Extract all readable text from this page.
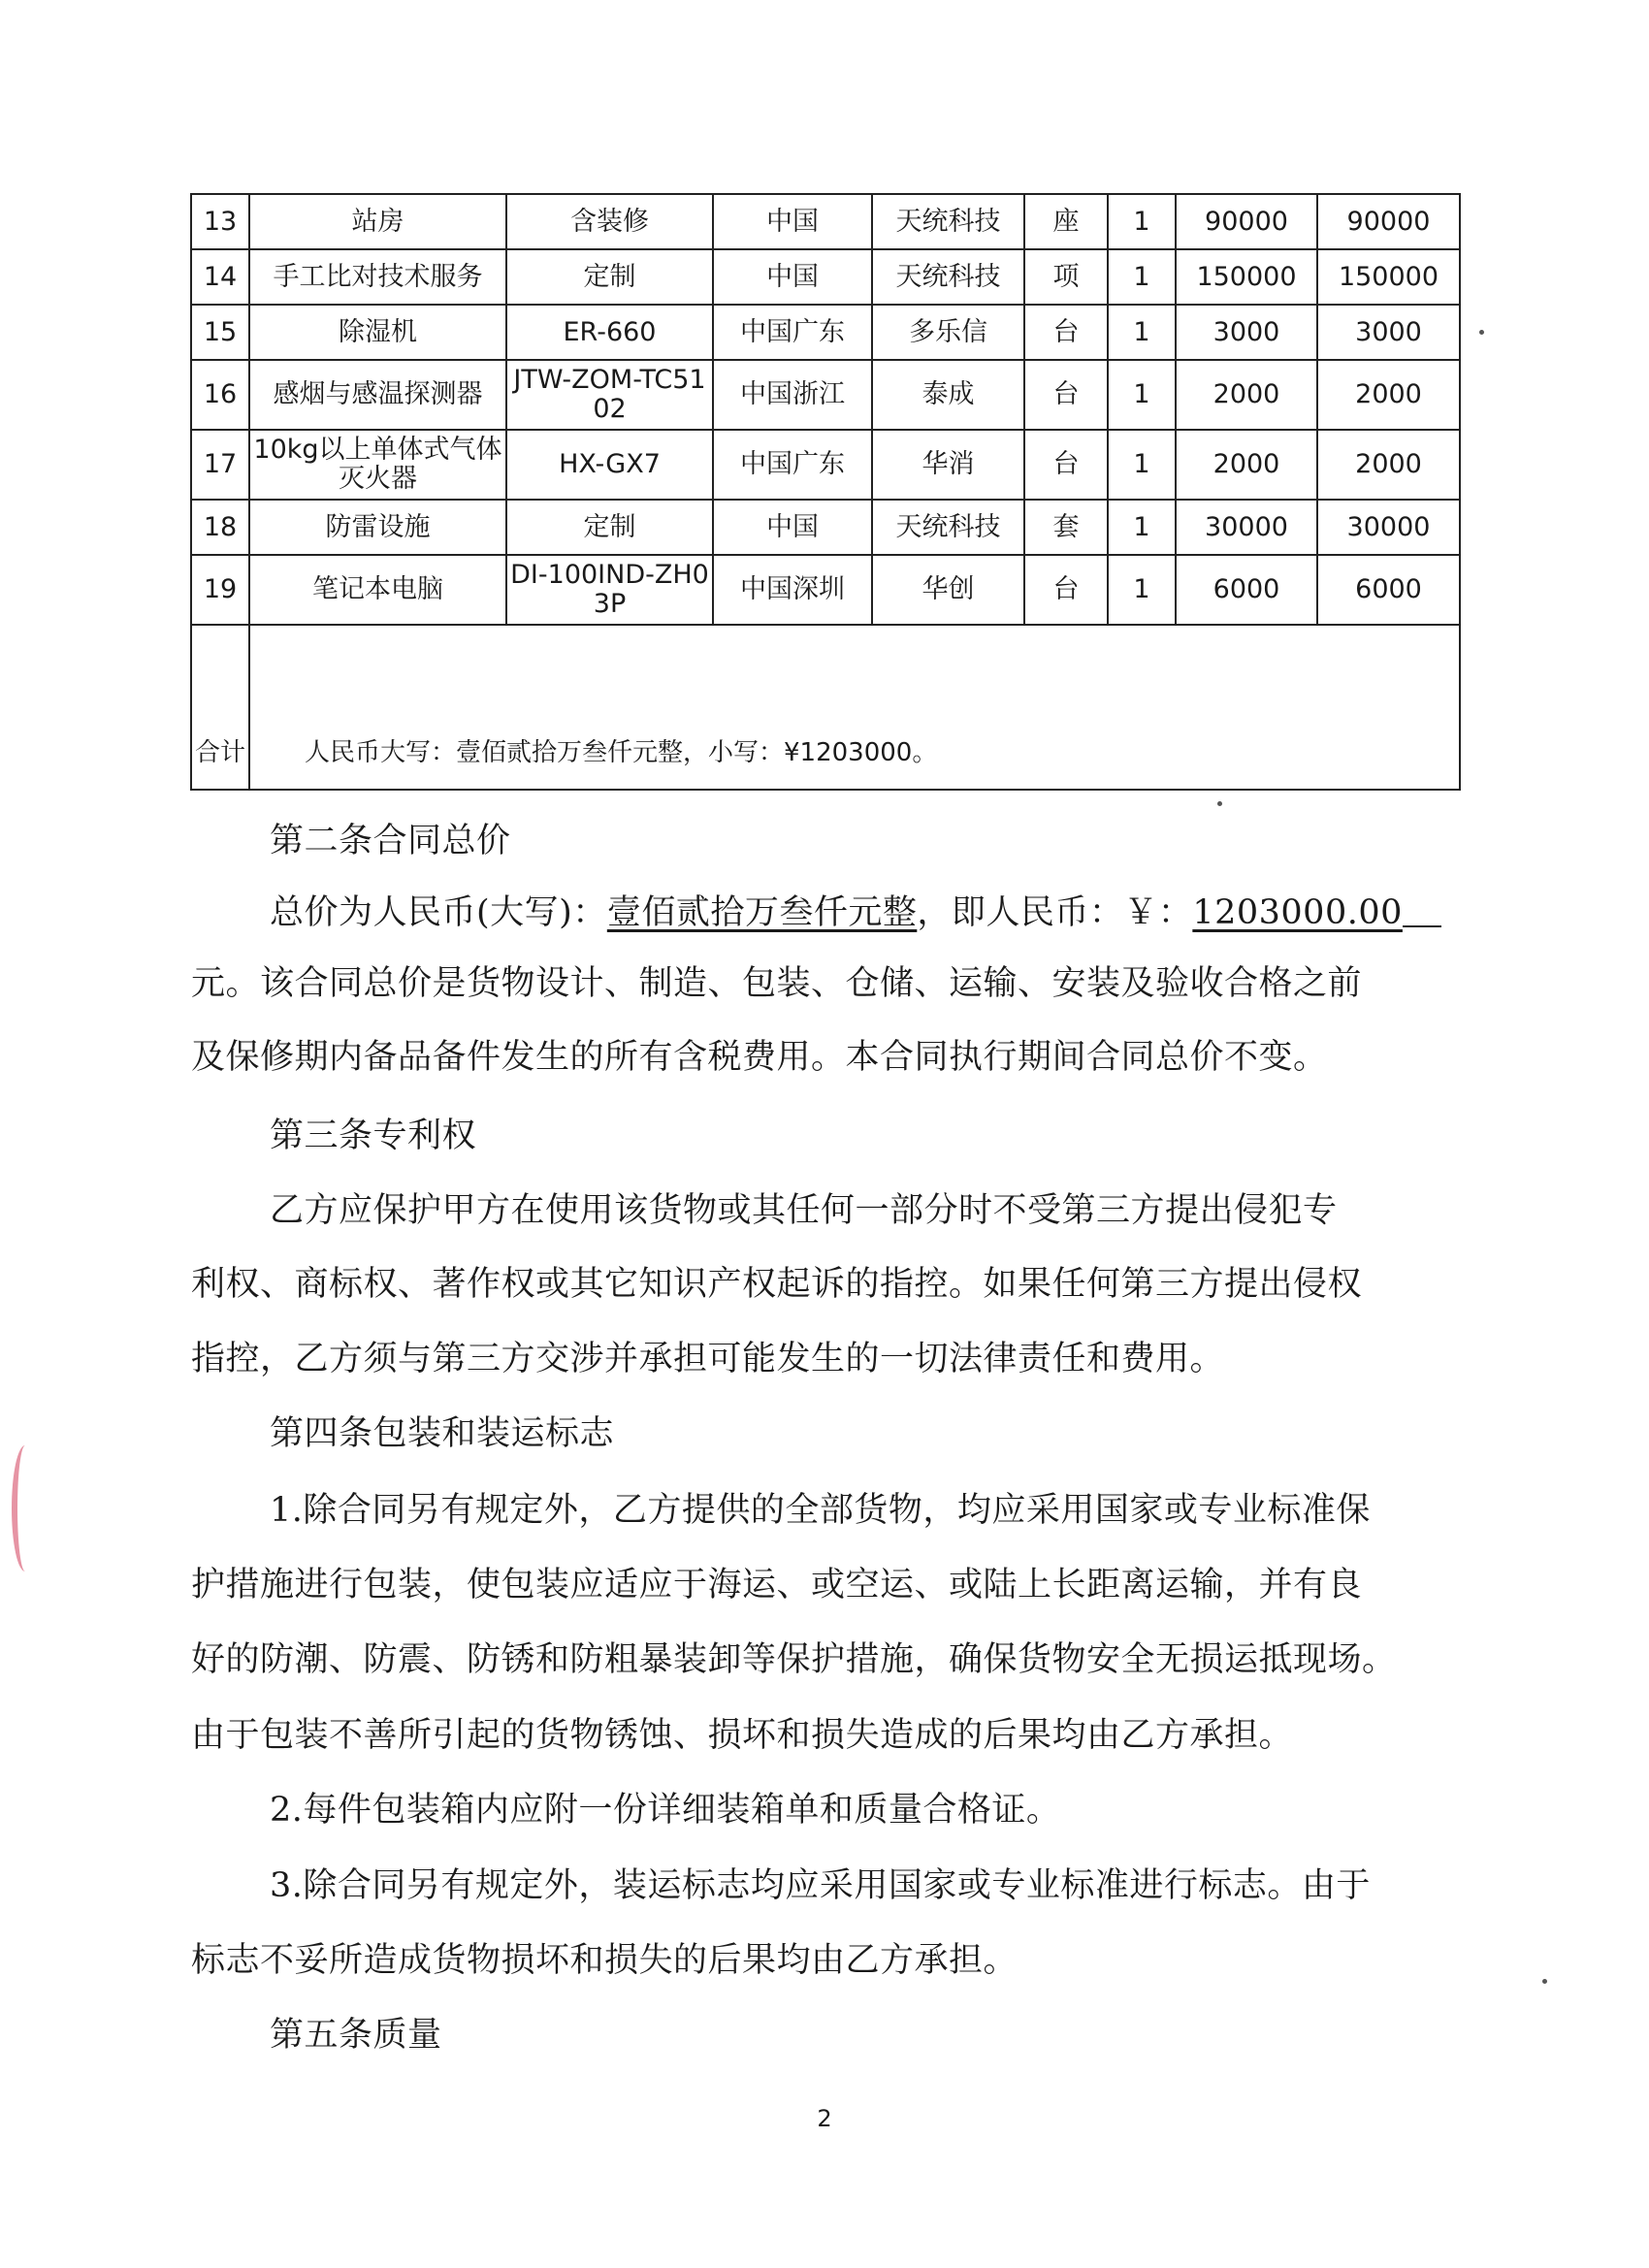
13	站房	含装修	中国	天统科技	座	1	90000	90000
14	手工比对技术服务	定制	中国	天统科技	项	1	150000	150000
15	除湿机	ER-660	中国广东	多乐信	台	1	3000	3000
16	感烟与感温探测器	JTW-ZOM-TC5102	中国浙江	泰成	台	1	2000	2000
17	10kg以上单体式气体灭火器	HX-GX7	中国广东	华消	台	1	2000	2000
18	防雷设施	定制	中国	天统科技	套	1	30000	30000
19	笔记本电脑	DI-100IND-ZH03P	中国深圳	华创	台	1	6000	6000
合计	人民币大写：壹佰贰拾万叁仟元整，小写：¥1203000。							
第二条合同总价
总价为人民币(大写)：壹佰贰拾万叁仟元整，即人民币：￥：1203000.00
元。该合同总价是货物设计、制造、包装、仓储、运输、安装及验收合格之前
及保修期内备品备件发生的所有含税费用。本合同执行期间合同总价不变。
第三条专利权
乙方应保护甲方在使用该货物或其任何一部分时不受第三方提出侵犯专
利权、商标权、著作权或其它知识产权起诉的指控。如果任何第三方提出侵权
指控，乙方须与第三方交涉并承担可能发生的一切法律责任和费用。
第四条包装和装运标志
1.除合同另有规定外，乙方提供的全部货物，均应采用国家或专业标准保
护措施进行包装，使包装应适应于海运、或空运、或陆上长距离运输，并有良
好的防潮、防震、防锈和防粗暴装卸等保护措施，确保货物安全无损运抵现场。
由于包装不善所引起的货物锈蚀、损坏和损失造成的后果均由乙方承担。
2.每件包装箱内应附一份详细装箱单和质量合格证。
3.除合同另有规定外，装运标志均应采用国家或专业标准进行标志。由于
标志不妥所造成货物损坏和损失的后果均由乙方承担。
第五条质量
2
